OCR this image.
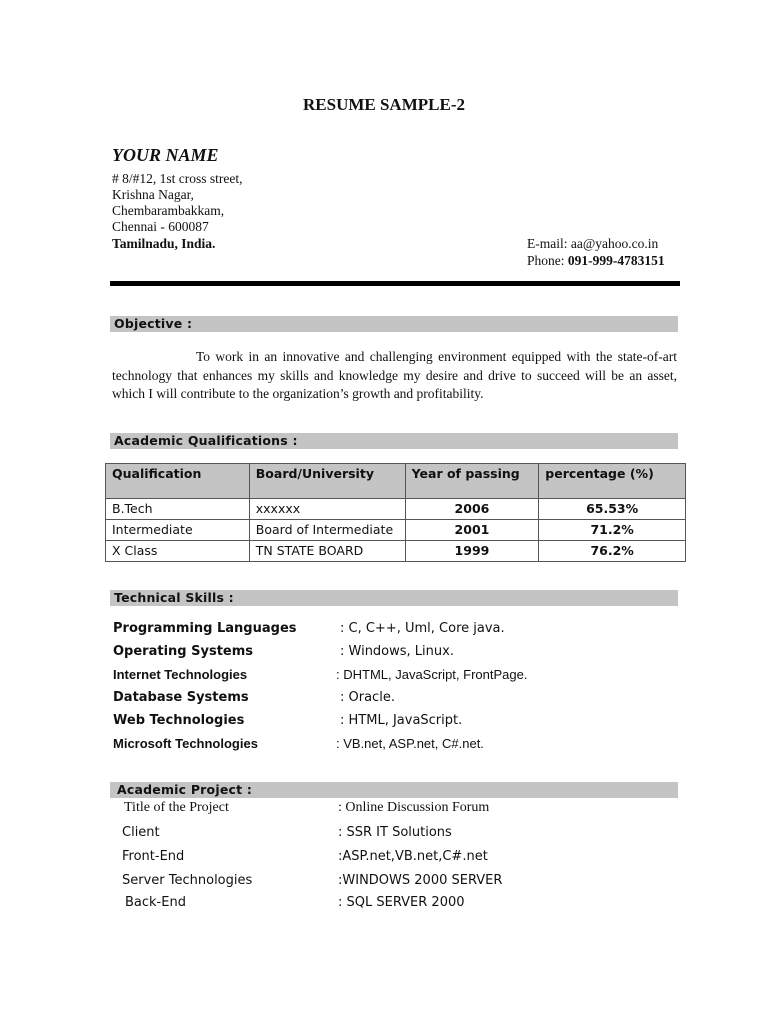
RESUME SAMPLE-2
YOUR NAME
# 8/#12, 1st cross street,
Krishna Nagar,
Chembarambakkam,
Chennai - 600087
Tamilnadu, India.	E-mail: aa@yahoo.co.in
Phone: 091-999-4783151
Objective :
To work in an innovative and challenging environment equipped with the state-of-art technology that enhances my skills and knowledge my desire and drive to succeed will be an asset, which I will contribute to the organization’s growth and profitability.
Academic Qualifications :
Qualification	Board/University	Year of passing	percentage (%)
B.Tech	xxxxxx	2006	65.53%
Intermediate	Board of Intermediate	2001	71.2%
X Class	TN STATE BOARD	1999	76.2%
Technical Skills :
Programming Languages	: C, C++, Uml, Core java.
Operating Systems	: Windows, Linux.
Internet Technologies	: DHTML, JavaScript, FrontPage.
Database Systems	: Oracle.
Web Technologies	: HTML, JavaScript.
Microsoft Technologies	: VB.net, ASP.net, C#.net.
Academic Project :
Title of the Project	: Online Discussion Forum
Client	: SSR IT Solutions
Front-End	:ASP.net,VB.net,C#.net
Server Technologies	:WINDOWS 2000 SERVER
Back-End	: SQL SERVER 2000
